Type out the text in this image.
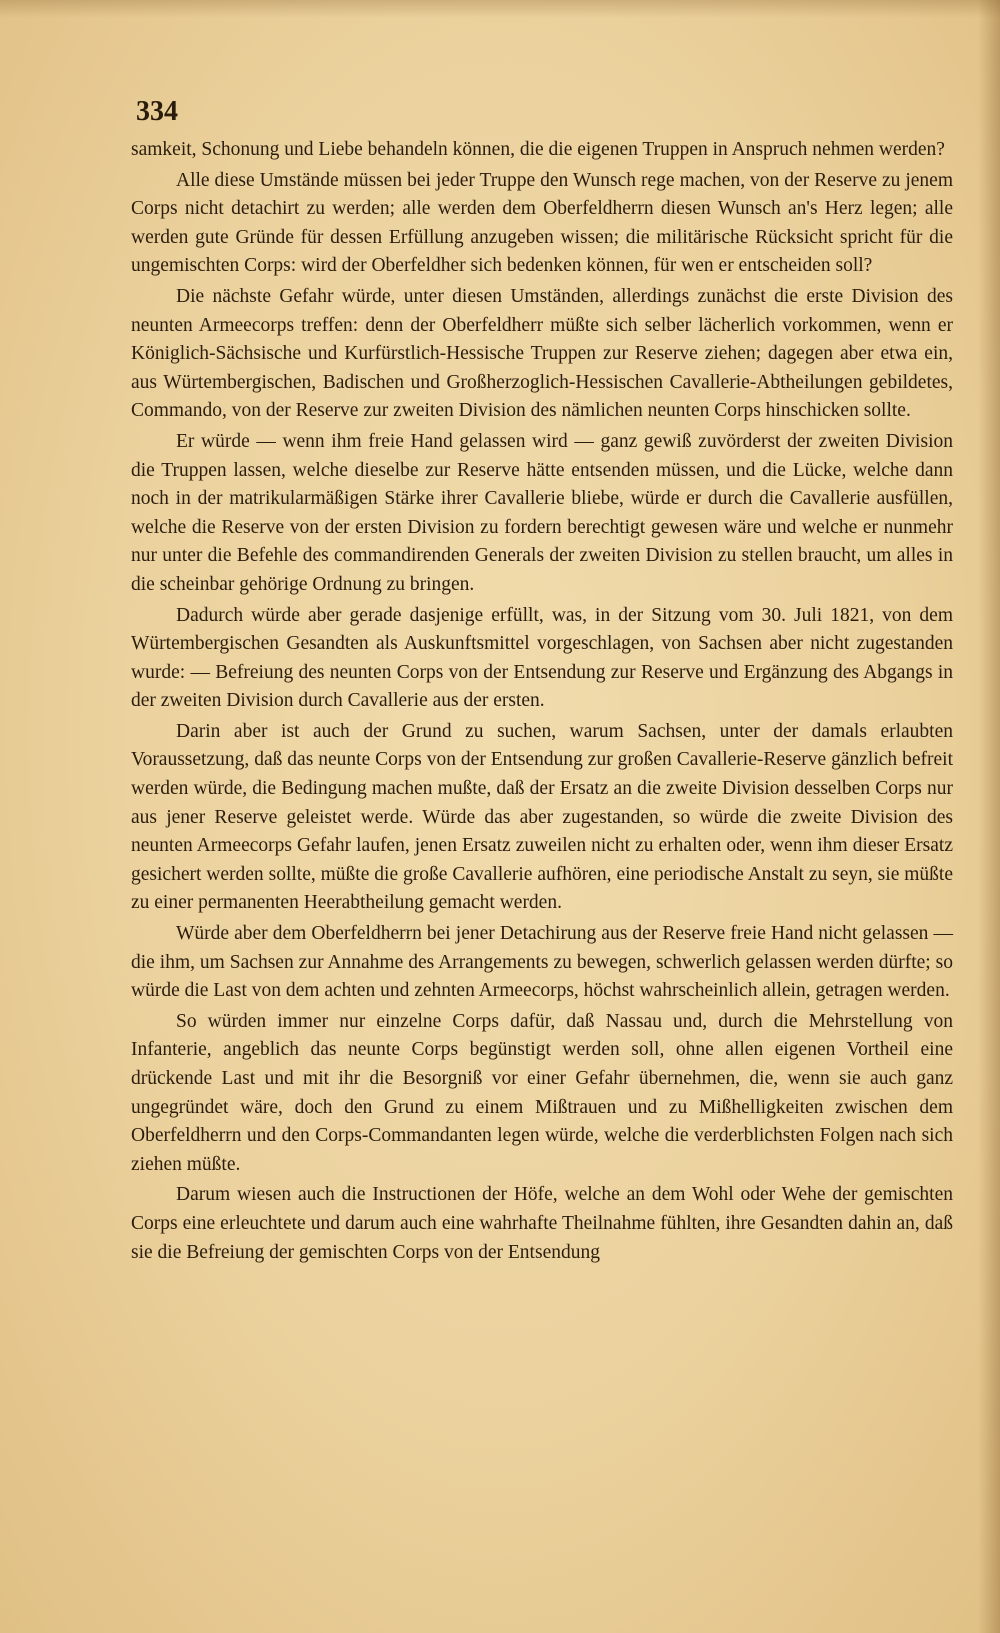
334

samkeit, Schonung und Liebe behandeln können, die die eigenen Truppen in Anspruch nehmen werden?

Alle diese Umstände müssen bei jeder Truppe den Wunsch rege machen, von der Reserve zu jenem Corps nicht detachirt zu werden; alle werden dem Oberfeldherrn diesen Wunsch an's Herz legen; alle werden gute Gründe für dessen Erfüllung anzugeben wissen; die militärische Rücksicht spricht für die ungemischten Corps: wird der Oberfeldher sich bedenken können, für wen er entscheiden soll?

Die nächste Gefahr würde, unter diesen Umständen, allerdings zunächst die erste Division des neunten Armeecorps treffen: denn der Oberfeldherr müßte sich selber lächerlich vorkommen, wenn er Königlich-Sächsische und Kurfürstlich-Hessische Truppen zur Reserve ziehen; dagegen aber etwa ein, aus Würtembergischen, Badischen und Großherzoglich-Hessischen Cavallerie-Abtheilungen gebildetes, Commando, von der Reserve zur zweiten Division des nämlichen neunten Corps hinschicken sollte.

Er würde — wenn ihm freie Hand gelassen wird — ganz gewiß zuvörderst der zweiten Division die Truppen lassen, welche dieselbe zur Reserve hätte entsenden müssen, und die Lücke, welche dann noch in der matrikularmäßigen Stärke ihrer Cavallerie bliebe, würde er durch die Cavallerie ausfüllen, welche die Reserve von der ersten Division zu fordern berechtigt gewesen wäre und welche er nunmehr nur unter die Befehle des commandirenden Generals der zweiten Division zu stellen braucht, um alles in die scheinbar gehörige Ordnung zu bringen.

Dadurch würde aber gerade dasjenige erfüllt, was, in der Sitzung vom 30. Juli 1821, von dem Würtembergischen Gesandten als Auskunftsmittel vorgeschlagen, von Sachsen aber nicht zugestanden wurde: — Befreiung des neunten Corps von der Entsendung zur Reserve und Ergänzung des Abgangs in der zweiten Division durch Cavallerie aus der ersten.

Darin aber ist auch der Grund zu suchen, warum Sachsen, unter der damals erlaubten Voraussetzung, daß das neunte Corps von der Entsendung zur großen Cavallerie-Reserve gänzlich befreit werden würde, die Bedingung machen mußte, daß der Ersatz an die zweite Division desselben Corps nur aus jener Reserve geleistet werde. Würde das aber zugestanden, so würde die zweite Division des neunten Armeecorps Gefahr laufen, jenen Ersatz zuweilen nicht zu erhalten oder, wenn ihm dieser Ersatz gesichert werden sollte, müßte die große Cavallerie aufhören, eine periodische Anstalt zu seyn, sie müßte zu einer permanenten Heerabtheilung gemacht werden.

Würde aber dem Oberfeldherrn bei jener Detachirung aus der Reserve freie Hand nicht gelassen — die ihm, um Sachsen zur Annahme des Arrangements zu bewegen, schwerlich gelassen werden dürfte; so würde die Last von dem achten und zehnten Armeecorps, höchst wahrscheinlich allein, getragen werden.

So würden immer nur einzelne Corps dafür, daß Nassau und, durch die Mehrstellung von Infanterie, angeblich das neunte Corps begünstigt werden soll, ohne allen eigenen Vortheil eine drückende Last und mit ihr die Besorgniß vor einer Gefahr übernehmen, die, wenn sie auch ganz ungegründet wäre, doch den Grund zu einem Mißtrauen und zu Mißhelligkeiten zwischen dem Oberfeldherrn und den Corps-Commandanten legen würde, welche die verderblichsten Folgen nach sich ziehen müßte.

Darum wiesen auch die Instructionen der Höfe, welche an dem Wohl oder Wehe der gemischten Corps eine erleuchtete und darum auch eine wahrhafte Theilnahme fühlten, ihre Gesandten dahin an, daß sie die Befreiung der gemischten Corps von der Entsendung
